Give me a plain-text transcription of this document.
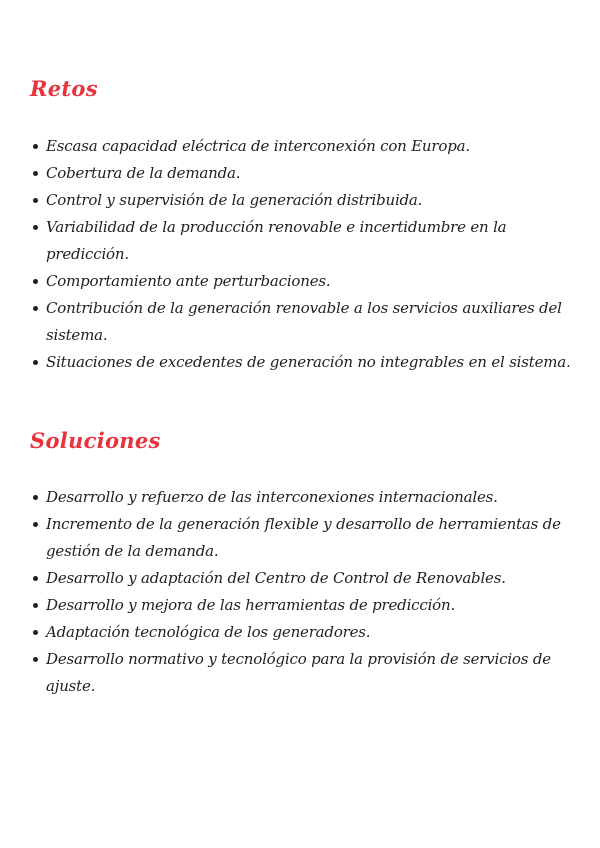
Retos
Escasa capacidad eléctrica de interconexión con Europa.
Cobertura de la demanda.
Control y supervisión de la generación distribuida.
Variabilidad de la producción renovable e incertidumbre en la predicción.
Comportamiento ante perturbaciones.
Contribución de la generación renovable a los servicios auxiliares del sistema.
Situaciones de excedentes de generación no integrables en el sistema.
Soluciones
Desarrollo y refuerzo de las interconexiones internacionales.
Incremento de la generación flexible y desarrollo de herramientas de gestión de la demanda.
Desarrollo y adaptación del Centro de Control de Renovables.
Desarrollo y mejora de las herramientas de predicción.
Adaptación tecnológica de los generadores.
Desarrollo normativo y tecnológico para la provisión de servicios de ajuste.
